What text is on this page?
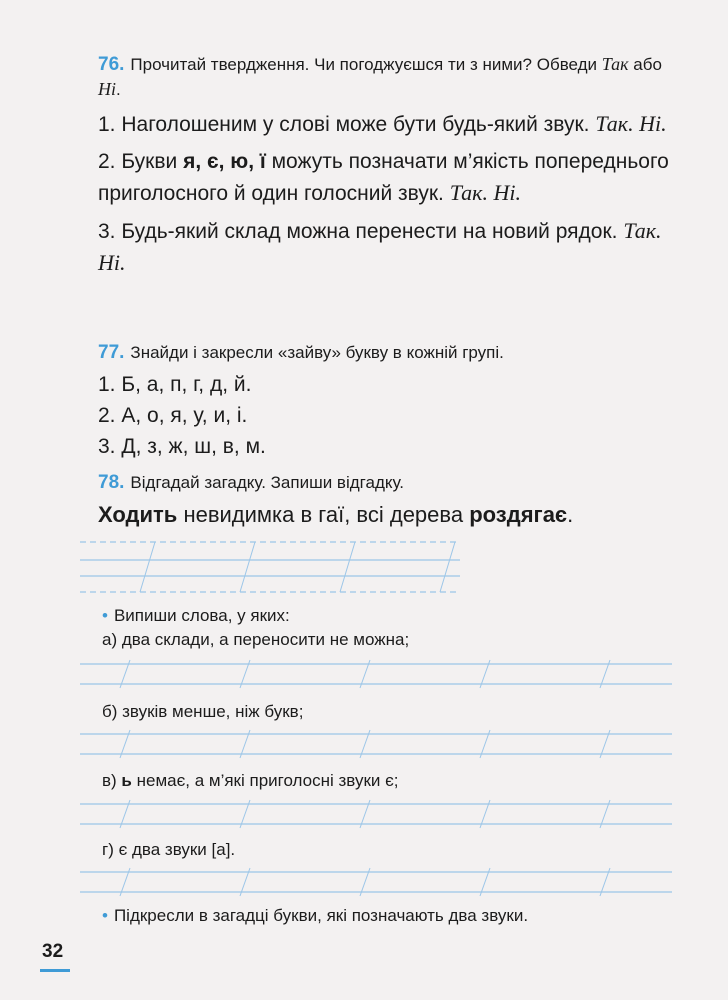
76. Прочитай твердження. Чи погоджуєшся ти з ними? Обведи Так або Ні.
1. Наголошеним у слові може бути будь-який звук. Так. Ні.
2. Букви я, є, ю, ї можуть позначати м’якість попереднього приголосного й один голосний звук. Так. Ні.
3. Будь-який склад можна перенести на новий рядок. Так. Ні.
77. Знайди і закресли «зайву» букву в кожній групі.
1. Б, а, п, г, д, й.
2. А, о, я, у, и, і.
3. Д, з, ж, ш, в, м.
78. Відгадай загадку. Запиши відгадку.
Ходить невидимка в гаї, всі дерева роздягає.
• Випиши слова, у яких:
а) два склади, а переносити не можна;
б) звуків менше, ніж букв;
в) ь немає, а м’які приголосні звуки є;
г) є два звуки [а].
• Підкресли в загадці букви, які позначають два звуки.
32
